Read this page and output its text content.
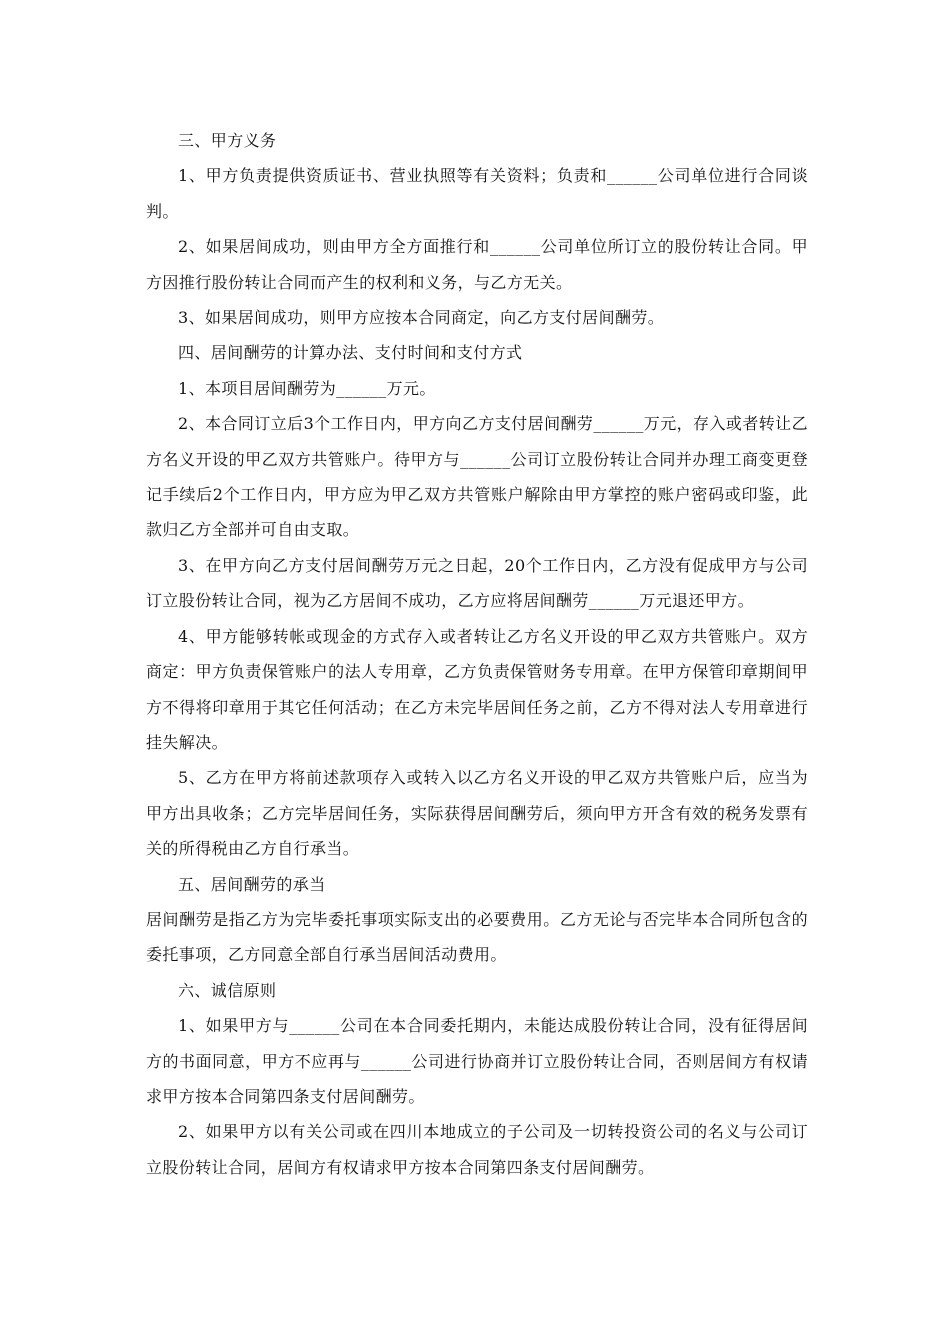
三、甲方义务

1、甲方负责提供资质证书、营业执照等有关资料；负责和______公司单位进行合同谈判。

2、如果居间成功，则由甲方全方面推行和______公司单位所订立的股份转让合同。甲方因推行股份转让合同而产生的权利和义务，与乙方无关。

3、如果居间成功，则甲方应按本合同商定，向乙方支付居间酬劳。

四、居间酬劳的计算办法、支付时间和支付方式

1、本项目居间酬劳为______万元。

2、本合同订立后3个工作日内，甲方向乙方支付居间酬劳______万元，存入或者转让乙方名义开设的甲乙双方共管账户。待甲方与______公司订立股份转让合同并办理工商变更登记手续后2个工作日内，甲方应为甲乙双方共管账户解除由甲方掌控的账户密码或印鉴，此款归乙方全部并可自由支取。

3、在甲方向乙方支付居间酬劳万元之日起，20个工作日内，乙方没有促成甲方与公司订立股份转让合同，视为乙方居间不成功，乙方应将居间酬劳______万元退还甲方。

4、甲方能够转帐或现金的方式存入或者转让乙方名义开设的甲乙双方共管账户。双方商定：甲方负责保管账户的法人专用章，乙方负责保管财务专用章。在甲方保管印章期间甲方不得将印章用于其它任何活动；在乙方未完毕居间任务之前，乙方不得对法人专用章进行挂失解决。

5、乙方在甲方将前述款项存入或转入以乙方名义开设的甲乙双方共管账户后，应当为甲方出具收条；乙方完毕居间任务，实际获得居间酬劳后，须向甲方开含有效的税务发票有关的所得税由乙方自行承当。

五、居间酬劳的承当

居间酬劳是指乙方为完毕委托事项实际支出的必要费用。乙方无论与否完毕本合同所包含的委托事项，乙方同意全部自行承当居间活动费用。

六、诚信原则

1、如果甲方与______公司在本合同委托期内，未能达成股份转让合同，没有征得居间方的书面同意，甲方不应再与______公司进行协商并订立股份转让合同，否则居间方有权请求甲方按本合同第四条支付居间酬劳。

2、如果甲方以有关公司或在四川本地成立的子公司及一切转投资公司的名义与公司订立股份转让合同，居间方有权请求甲方按本合同第四条支付居间酬劳。
